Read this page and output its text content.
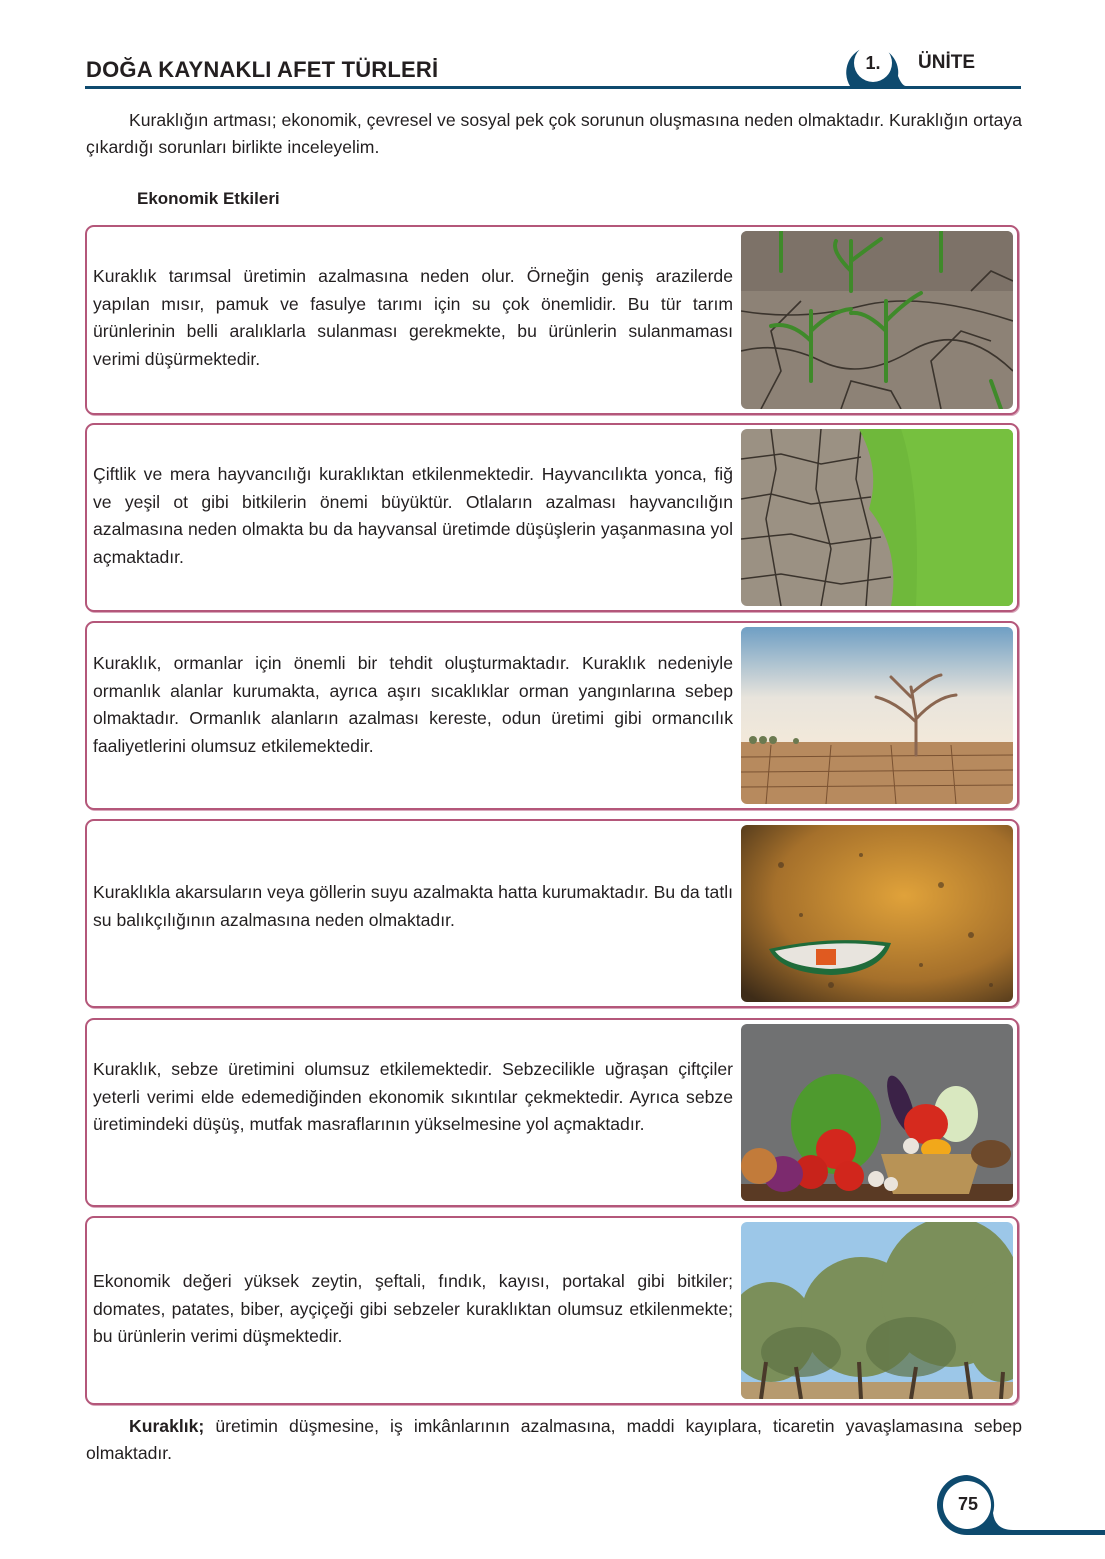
DOĞA KAYNAKLI AFET TÜRLERİ	1.	ÜNİTE
Kuraklığın artması; ekonomik, çevresel ve sosyal pek çok sorunun oluşmasına neden olmaktadır. Kuraklığın ortaya çıkardığı sorunları birlikte inceleyelim.
Ekonomik Etkileri
Kuraklık tarımsal üretimin azalmasına neden olur. Örneğin geniş arazilerde yapılan mısır, pamuk ve fasulye tarımı için su çok önemlidir. Bu tür tarım ürünlerinin belli aralıklarla sulanması gerekmekte, bu ürünlerin sulanmaması verimi düşürmektedir.
Çiftlik ve mera hayvancılığı kuraklıktan etkilenmektedir. Hayvancılıkta yonca, fiğ ve yeşil ot gibi bitkilerin önemi büyüktür. Otlaların azalması hayvancılığın azalmasına neden olmakta bu da hayvansal üretimde düşüşlerin yaşanmasına yol açmaktadır.
Kuraklık, ormanlar için önemli bir tehdit oluşturmaktadır. Kuraklık nedeniyle ormanlık alanlar kurumakta, ayrıca aşırı sıcaklıklar orman yangınlarına sebep olmaktadır. Ormanlık alanların azalması kereste, odun üretimi gibi ormancılık faaliyetlerini olumsuz etkilemektedir.
Kuraklıkla akarsuların veya göllerin suyu azalmakta hatta kurumaktadır. Bu da tatlı su balıkçılığının azalmasına neden olmaktadır.
Kuraklık, sebze üretimini olumsuz etkilemektedir. Sebzecilikle uğraşan çiftçiler yeterli verimi elde edemediğinden ekonomik sıkıntılar çekmektedir. Ayrıca sebze üretimindeki düşüş, mutfak masraflarının yükselmesine yol açmaktadır.
Ekonomik değeri yüksek zeytin, şeftali, fındık, kayısı, portakal gibi bitkiler; domates, patates, biber, ayçiçeği gibi sebzeler kuraklıktan olumsuz etkilenmekte; bu ürünlerin verimi düşmektedir.
Kuraklık; üretimin düşmesine, iş imkânlarının azalmasına, maddi kayıplara, ticaretin yavaşlamasına sebep olmaktadır.
75
